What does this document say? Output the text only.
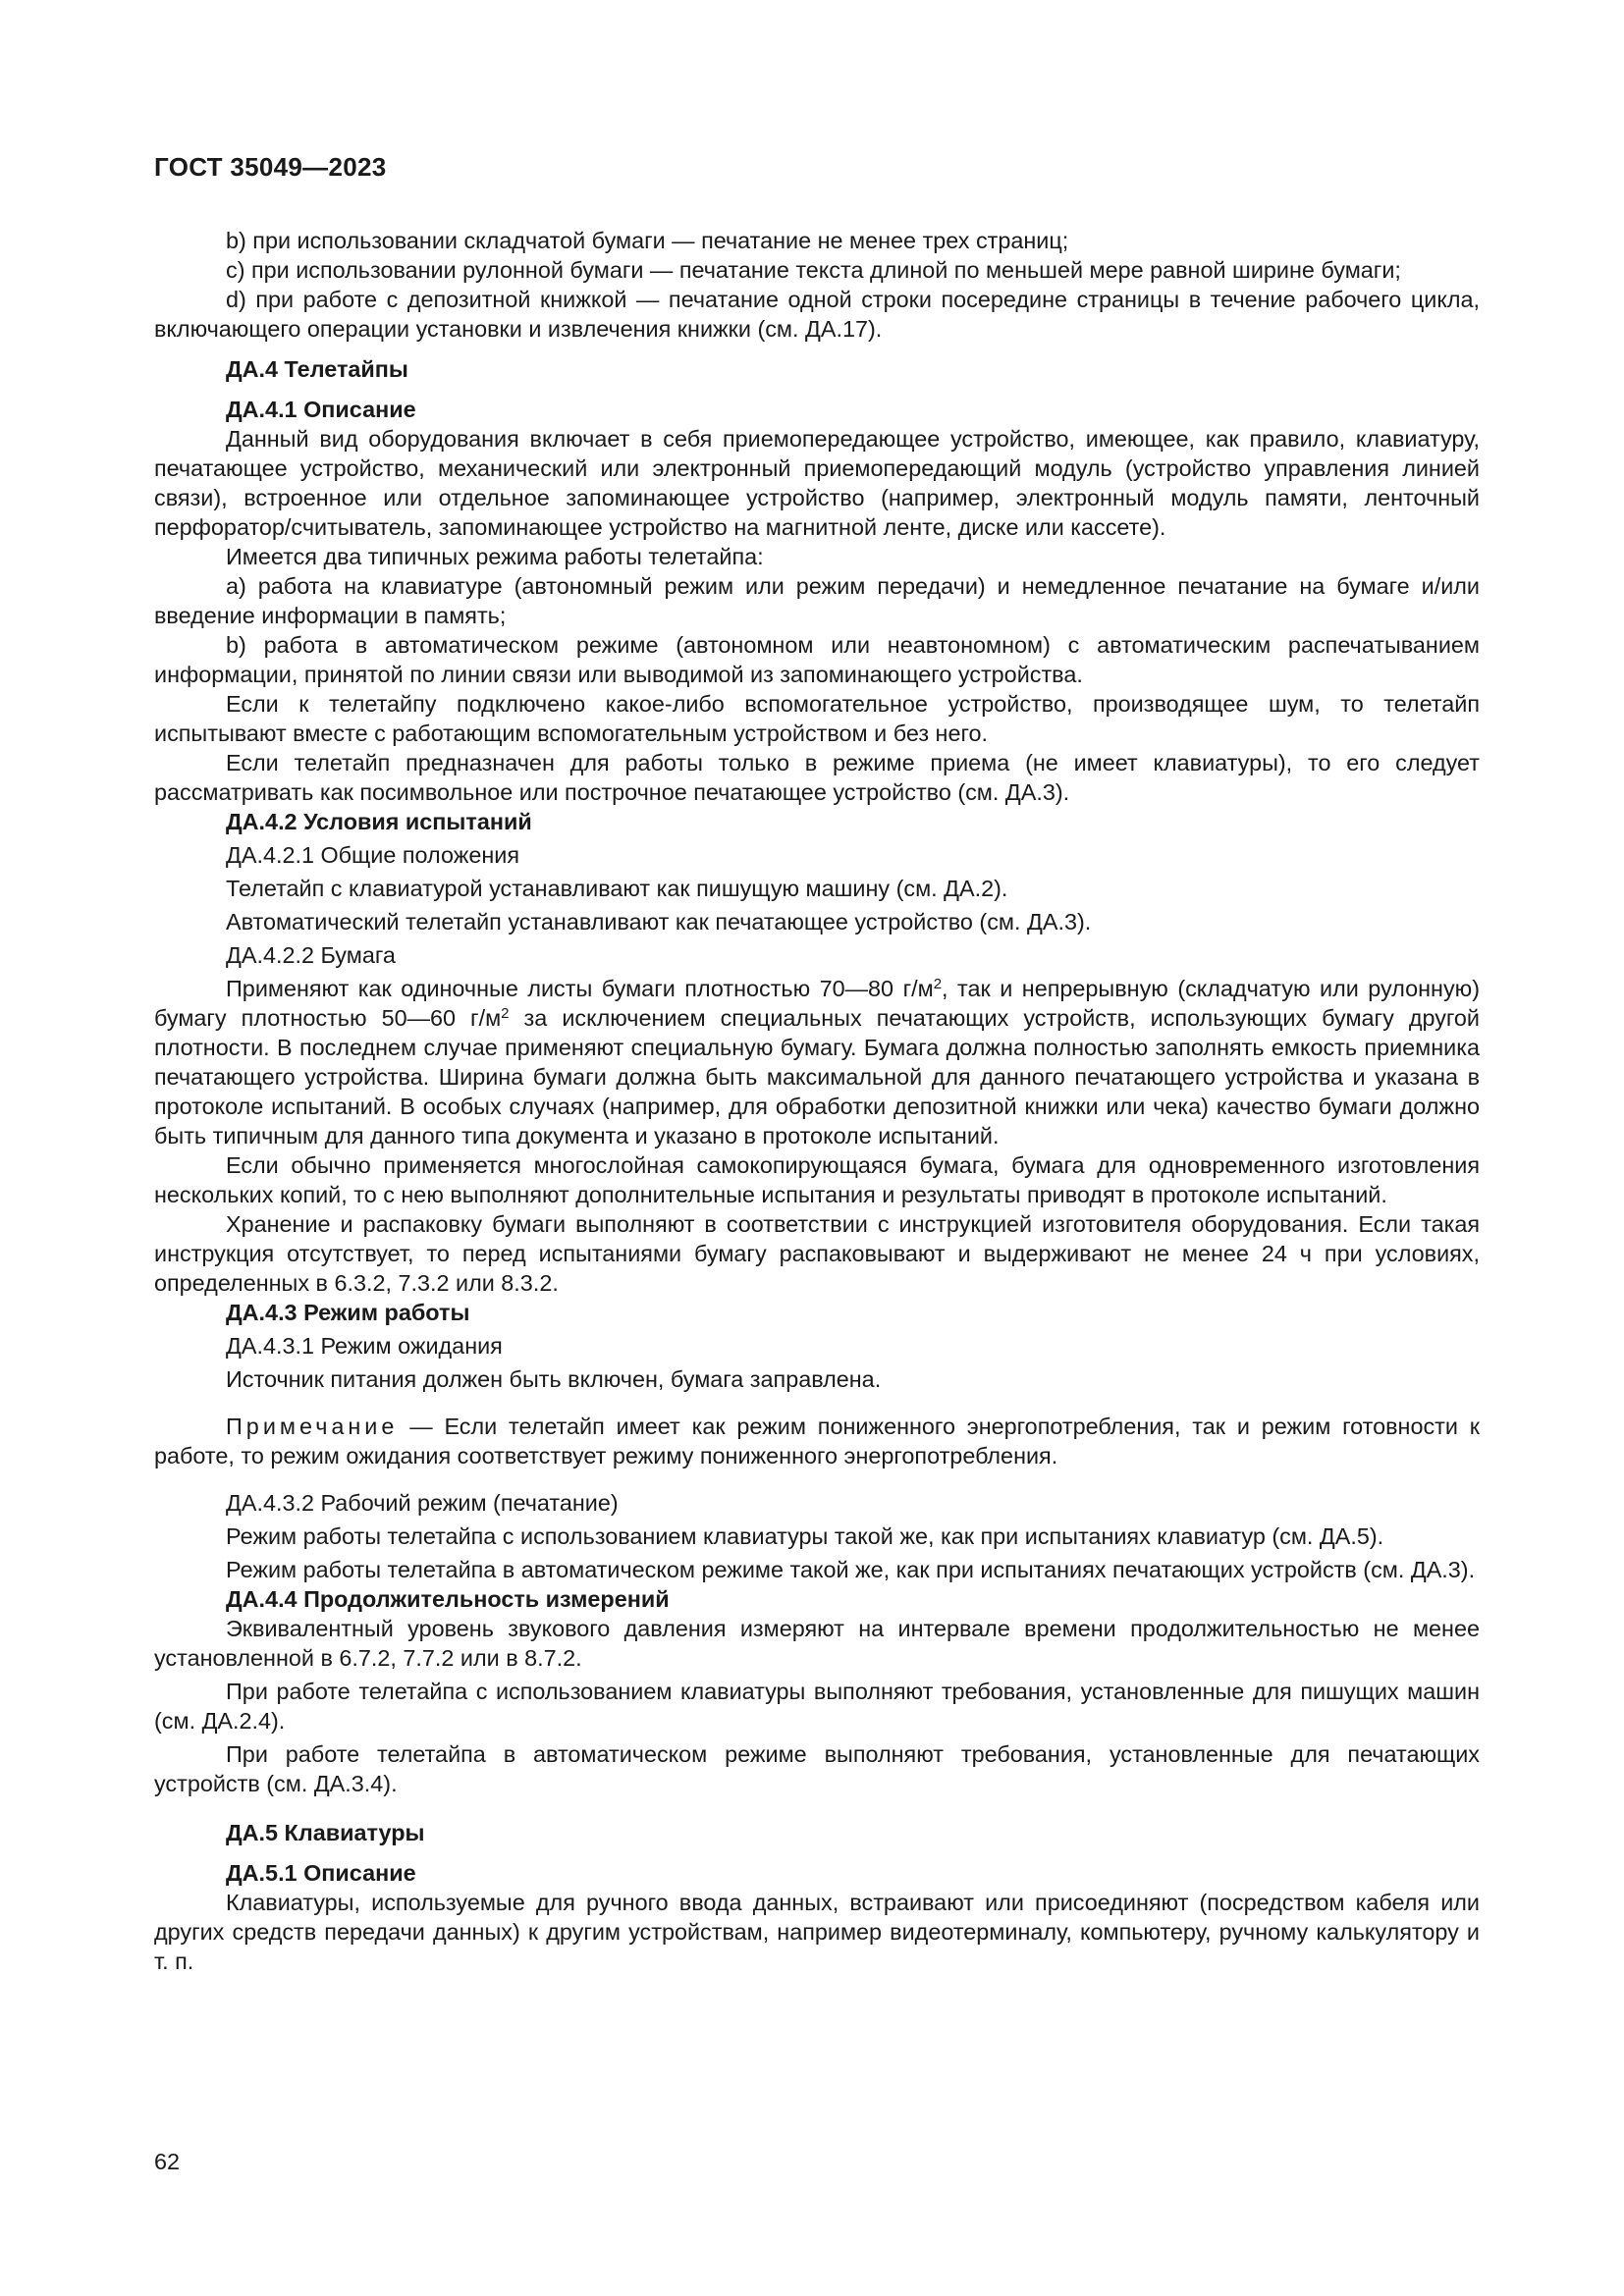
ГОСТ 35049—2023

b) при использовании складчатой бумаги — печатание не менее трех страниц;

c) при использовании рулонной бумаги — печатание текста длиной по меньшей мере равной ширине бумаги;

d) при работе с депозитной книжкой — печатание одной строки посередине страницы в течение рабочего цикла, включающего операции установки и извлечения книжки (см. ДА.17).

ДА.4 Телетайпы

ДА.4.1 Описание

Данный вид оборудования включает в себя приемопередающее устройство, имеющее, как правило, клавиатуру, печатающее устройство, механический или электронный приемопередающий модуль (устройство управления линией связи), встроенное или отдельное запоминающее устройство (например, электронный модуль памяти, ленточный перфоратор/считыватель, запоминающее устройство на магнитной ленте, диске или кассете).

Имеется два типичных режима работы телетайпа:

a) работа на клавиатуре (автономный режим или режим передачи) и немедленное печатание на бумаге и/или введение информации в память;

b) работа в автоматическом режиме (автономном или неавтономном) с автоматическим распечатыванием информации, принятой по линии связи или выводимой из запоминающего устройства.

Если к телетайпу подключено какое-либо вспомогательное устройство, производящее шум, то телетайп испытывают вместе с работающим вспомогательным устройством и без него.

Если телетайп предназначен для работы только в режиме приема (не имеет клавиатуры), то его следует рассматривать как посимвольное или построчное печатающее устройство (см. ДА.3).

ДА.4.2 Условия испытаний

ДА.4.2.1 Общие положения

Телетайп с клавиатурой устанавливают как пишущую машину (см. ДА.2).

Автоматический телетайп устанавливают как печатающее устройство (см. ДА.3).

ДА.4.2.2 Бумага

Применяют как одиночные листы бумаги плотностью 70—80 $г/м^2$, так и непрерывную (складчатую или рулонную) бумагу плотностью 50—60 $г/м^2$ за исключением специальных печатающих устройств, использующих бумагу другой плотности. В последнем случае применяют специальную бумагу. Бумага должна полностью заполнять емкость приемника печатающего устройства. Ширина бумаги должна быть максимальной для данного печатающего устройства и указана в протоколе испытаний. В особых случаях (например, для обработки депозитной книжки или чека) качество бумаги должно быть типичным для данного типа документа и указано в протоколе испытаний.

Если обычно применяется многослойная самокопирующаяся бумага, бумага для одновременного изготовления нескольких копий, то с нею выполняют дополнительные испытания и результаты приводят в протоколе испытаний.

Хранение и распаковку бумаги выполняют в соответствии с инструкцией изготовителя оборудования. Если такая инструкция отсутствует, то перед испытаниями бумагу распаковывают и выдерживают не менее 24 ч при условиях, определенных в 6.3.2, 7.3.2 или 8.3.2.

ДА.4.3 Режим работы

ДА.4.3.1 Режим ожидания

Источник питания должен быть включен, бумага заправлена.

Примечание — Если телетайп имеет как режим пониженного энергопотребления, так и режим готовности к работе, то режим ожидания соответствует режиму пониженного энергопотребления.

ДА.4.3.2 Рабочий режим (печатание)

Режим работы телетайпа с использованием клавиатуры такой же, как при испытаниях клавиатур (см. ДА.5).

Режим работы телетайпа в автоматическом режиме такой же, как при испытаниях печатающих устройств (см. ДА.3).

ДА.4.4 Продолжительность измерений

Эквивалентный уровень звукового давления измеряют на интервале времени продолжительностью не менее установленной в 6.7.2, 7.7.2 или в 8.7.2.

При работе телетайпа с использованием клавиатуры выполняют требования, установленные для пишущих машин (см. ДА.2.4).

При работе телетайпа в автоматическом режиме выполняют требования, установленные для печатающих устройств (см. ДА.3.4).

ДА.5 Клавиатуры

ДА.5.1 Описание

Клавиатуры, используемые для ручного ввода данных, встраивают или присоединяют (посредством кабеля или других средств передачи данных) к другим устройствам, например видеотерминалу, компьютеру, ручному калькулятору и т. п.

62
